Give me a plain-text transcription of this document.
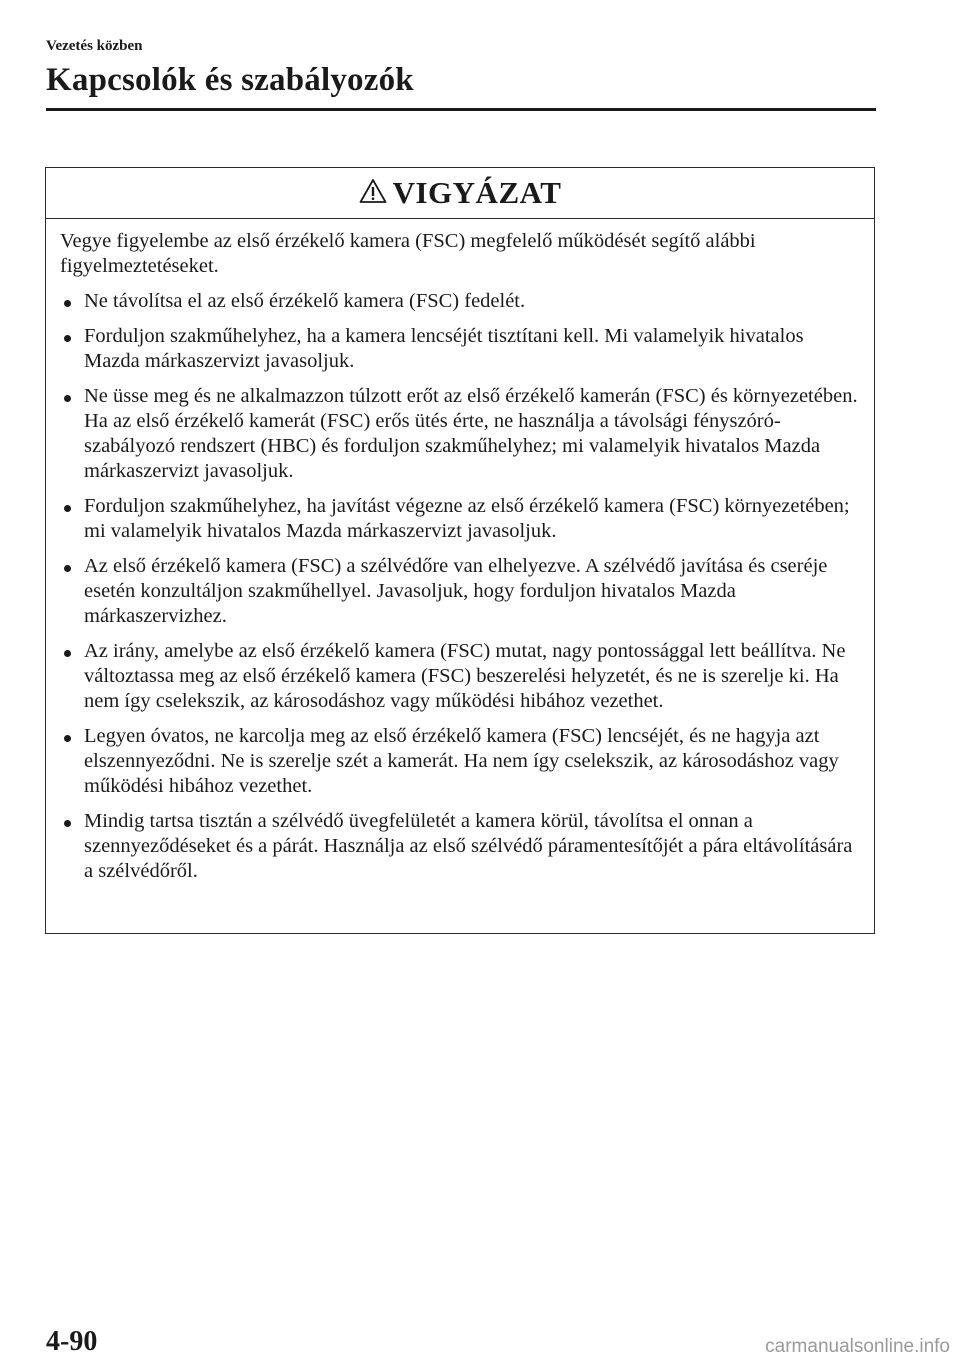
Vezetés közben
Kapcsolók és szabályozók
VIGYÁZAT

Vegye figyelembe az első érzékelő kamera (FSC) megfelelő működését segítő alábbi figyelmeztetéseket.

Ne távolítsa el az első érzékelő kamera (FSC) fedelét.
Forduljon szakműhelyhez, ha a kamera lencséjét tisztítani kell. Mi valamelyik hivatalos Mazda márkaszervizt javasoljuk.
Ne üsse meg és ne alkalmazzon túlzott erőt az első érzékelő kamerán (FSC) és környezetében. Ha az első érzékelő kamerát (FSC) erős ütés érte, ne használja a távolsági fényszóró-szabályozó rendszert (HBC) és forduljon szakműhelyhez; mi valamelyik hivatalos Mazda márkaszervizt javasoljuk.
Forduljon szakműhelyhez, ha javítást végezne az első érzékelő kamera (FSC) környezetében; mi valamelyik hivatalos Mazda márkaszervizt javasoljuk.
Az első érzékelő kamera (FSC) a szélvédőre van elhelyezve. A szélvédő javítása és cseréje esetén konzultáljon szakműhellyel. Javasoljuk, hogy forduljon hivatalos Mazda márkaszervizhez.
Az irány, amelybe az első érzékelő kamera (FSC) mutat, nagy pontossággal lett beállítva. Ne változtassa meg az első érzékelő kamera (FSC) beszerelési helyzetét, és ne is szerelje ki. Ha nem így cselekszik, az károsodáshoz vagy működési hibához vezethet.
Legyen óvatos, ne karcolja meg az első érzékelő kamera (FSC) lencséjét, és ne hagyja azt elszennyeződni. Ne is szerelje szét a kamerát. Ha nem így cselekszik, az károsodáshoz vagy működési hibához vezethet.
Mindig tartsa tisztán a szélvédő üvegfelületét a kamera körül, távolítsa el onnan a szennyeződéseket és a párát. Használja az első szélvédő páramentesítőjét a pára eltávolítására a szélvédőről.
4-90	carmanualsonline.info
